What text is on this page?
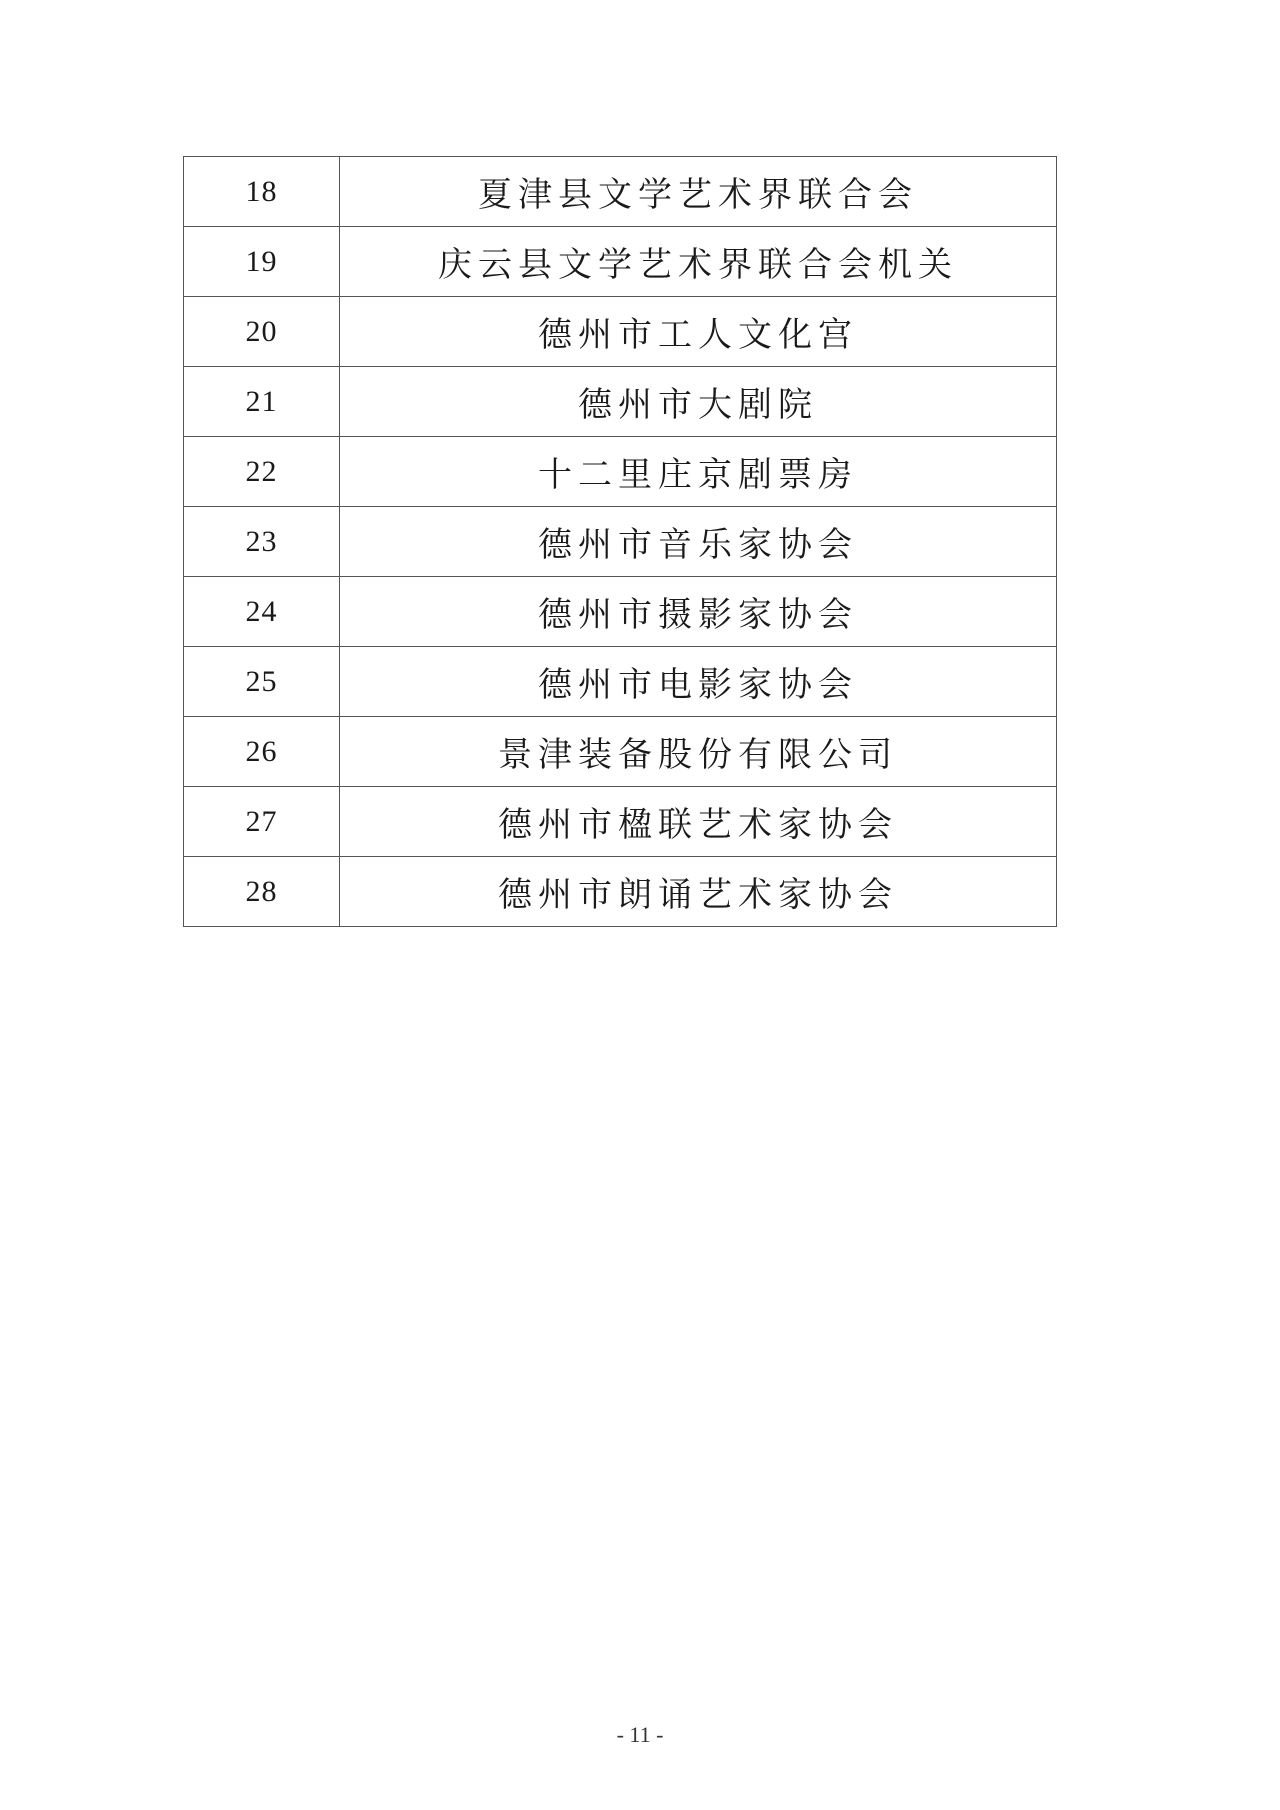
18	夏津县文学艺术界联合会
19	庆云县文学艺术界联合会机关
20	德州市工人文化宫
21	德州市大剧院
22	十二里庄京剧票房
23	德州市音乐家协会
24	德州市摄影家协会
25	德州市电影家协会
26	景津装备股份有限公司
27	德州市楹联艺术家协会
28	德州市朗诵艺术家协会
- 11 -
